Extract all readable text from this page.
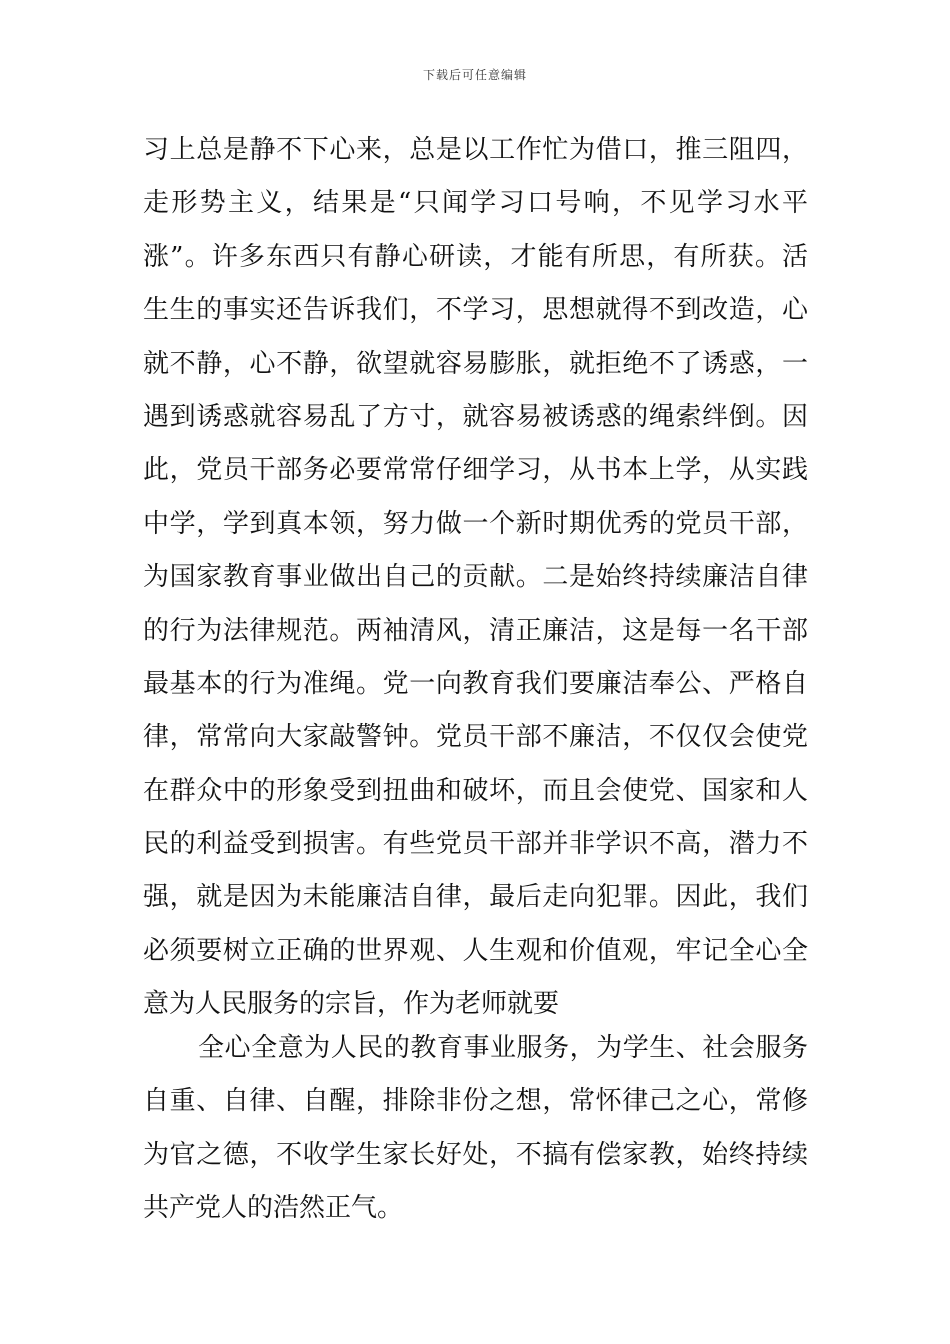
下载后可任意编辑
习上总是静不下心来，总是以工作忙为借口，推三阻四，
走形势主义，结果是“只闻学习口号响，不见学习水平
涨”。许多东西只有静心研读，才能有所思，有所获。活
生生的事实还告诉我们，不学习，思想就得不到改造，心
就不静，心不静，欲望就容易膨胀，就拒绝不了诱惑，一
遇到诱惑就容易乱了方寸，就容易被诱惑的绳索绊倒。因
此，党员干部务必要常常仔细学习，从书本上学，从实践
中学，学到真本领，努力做一个新时期优秀的党员干部，
为国家教育事业做出自己的贡献。二是始终持续廉洁自律
的行为法律规范。两袖清风，清正廉洁，这是每一名干部
最基本的行为准绳。党一向教育我们要廉洁奉公、严格自
律，常常向大家敲警钟。党员干部不廉洁，不仅仅会使党
在群众中的形象受到扭曲和破坏，而且会使党、国家和人
民的利益受到损害。有些党员干部并非学识不高，潜力不
强，就是因为未能廉洁自律，最后走向犯罪。因此，我们
必须要树立正确的世界观、人生观和价值观，牢记全心全
意为人民服务的宗旨，作为老师就要
全心全意为人民的教育事业服务，为学生、社会服务
自重、自律、自醒，排除非份之想，常怀律己之心，常修
为官之德，不收学生家长好处，不搞有偿家教，始终持续
共产党人的浩然正气。
